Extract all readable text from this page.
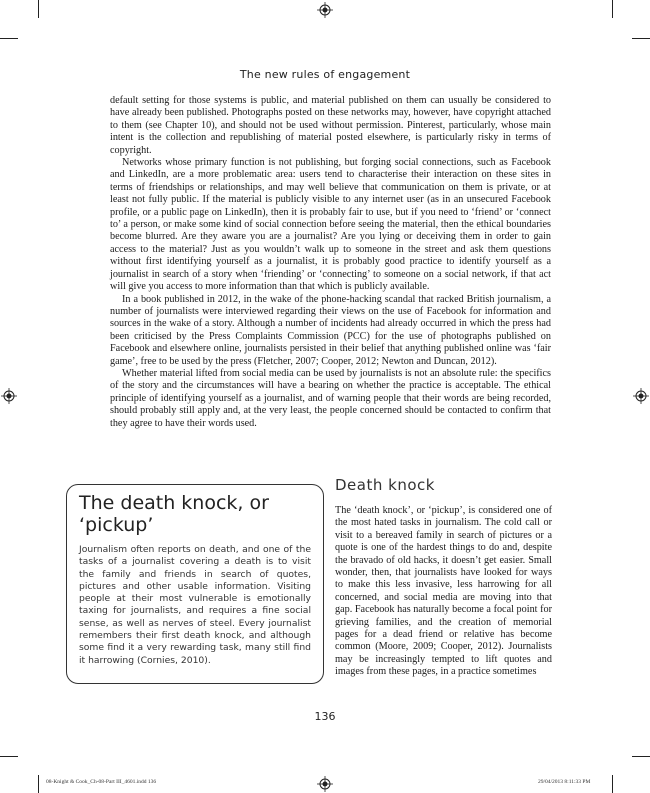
The new rules of engagement

default setting for those systems is public, and material published on them can usually be considered to have already been published. Photographs posted on these networks may, however, have copyright attached to them (see Chapter 10), and should not be used without permission. Pinterest, particularly, whose main intent is the collection and republishing of material posted elsewhere, is particularly risky in terms of copyright.

Networks whose primary function is not publishing, but forging social connections, such as Facebook and LinkedIn, are a more problematic area: users tend to characterise their interaction on these sites in terms of friendships or relationships, and may well believe that communication on them is private, or at least not fully public. If the material is publicly visible to any internet user (as in an unsecured Facebook profile, or a public page on LinkedIn), then it is probably fair to use, but if you need to ‘friend’ or ‘connect to’ a person, or make some kind of social connection before seeing the material, then the ethical boundaries become blurred. Are they aware you are a journalist? Are you lying or deceiving them in order to gain access to the material? Just as you wouldn’t walk up to someone in the street and ask them questions without first identifying yourself as a journalist, it is probably good practice to identify yourself as a journalist in search of a story when ‘friending’ or ‘connecting’ to someone on a social network, if that act will give you access to more information than that which is publicly available.

In a book published in 2012, in the wake of the phone-hacking scandal that racked British journalism, a number of journalists were interviewed regarding their views on the use of Facebook for information and sources in the wake of a story. Although a number of incidents had already occurred in which the press had been criticised by the Press Complaints Commission (PCC) for the use of photographs published on Facebook and elsewhere online, journalists persisted in their belief that anything published online was ‘fair game’, free to be used by the press (Fletcher, 2007; Cooper, 2012; Newton and Duncan, 2012).

Whether material lifted from social media can be used by journalists is not an absolute rule: the specifics of the story and the circumstances will have a bearing on whether the practice is acceptable. The ethical principle of identifying yourself as a journalist, and of warning people that their words are being recorded, should probably still apply and, at the very least, the people concerned should be contacted to confirm that they agree to have their words used.

The death knock, or ‘pickup’

Journalism often reports on death, and one of the tasks of a journalist covering a death is to visit the family and friends in search of quotes, pictures and other usable information. Visiting people at their most vulnerable is emotionally taxing for journalists, and requires a fine social sense, as well as nerves of steel. Every journalist remembers their first death knock, and although some find it a very rewarding task, many still find it harrowing (Cornies, 2010).

Death knock

The ‘death knock’, or ‘pickup’, is considered one of the most hated tasks in journalism. The cold call or visit to a bereaved family in search of pictures or a quote is one of the hardest things to do and, despite the bravado of old hacks, it doesn’t get easier. Small wonder, then, that journalists have looked for ways to make this less invasive, less harrowing for all concerned, and social media are moving into that gap. Facebook has naturally become a focal point for grieving families, and the creation of memorial pages for a dead friend or relative has become common (Moore, 2009; Cooper, 2012). Journalists may be increasingly tempted to lift quotes and images from these pages, in a practice sometimes

136
08-Knight & Cook_Ch-08-Part III_4601.indd 136	29/04/2013 8:11:33 PM
